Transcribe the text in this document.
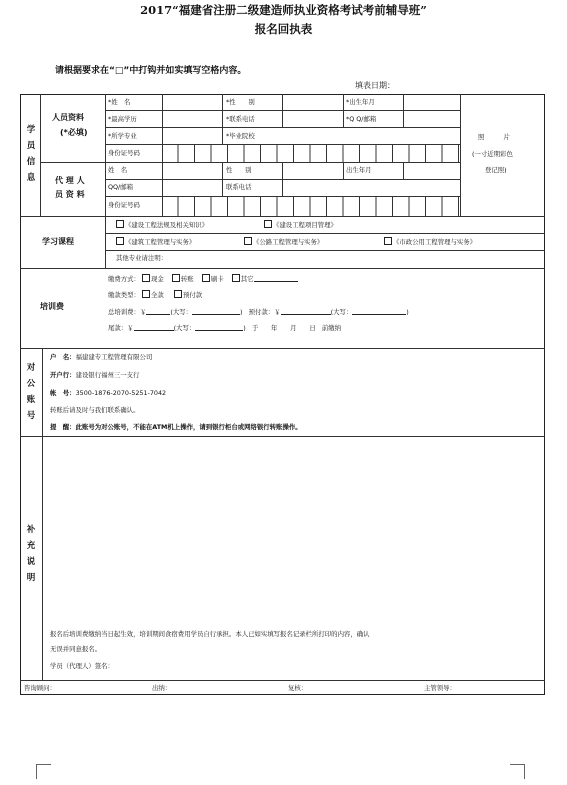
2017“福建省注册二级建造师执业资格考试考前辅导班”
报名回执表
请根据要求在“□”中打钩并如实填写空格内容。
填表日期：
学
员
信
息
人员资料
(*必填)
代 理 人
员 资 料
*姓　名	*性　　别	*出生年月
*最高学历	*联系电话	*Q Q/邮箱
*所学专业	*毕业院校
身份证号码
照　　　片
(一寸近期彩色
登记照)
姓　名	性　　别	出生年月
QQ/邮箱	联系电话
身份证号码
学习课程
《建设工程法规及相关知识》	《建设工程项目管理》
《建筑工程管理与实务》	《公路工程管理与实务》	《市政公用工程管理与实务》
其他专业请注明：
培训费
缴费方式： 现金	转账	刷卡	其它
缴款类型： 全款	预付款
总培训费：￥	(大写：	) 预付款：￥	(大写：	)
尾款：￥	(大写：	) 于　　年　　月　　日 前缴纳
对
公
账
号
户　名：福建建专工程管理有限公司
开户行：建设银行福州三一支行
帐　号：3500-1876-2070-5251-7042
转账后请及时与我们联系确认。
提　醒：此账号为对公账号，不能在ATM机上操作，请到银行柜台或网络银行转账操作。
补
充
说
明
报名后培训费缴纳当日起生效，培训期间食宿费用学员自行承担。本人已如实填写报名记录栏所打印的内容，确认
无误并同意报名。
学员（代理人）签名：
咨询顾问：	出纳：	复核：	主管领导：
